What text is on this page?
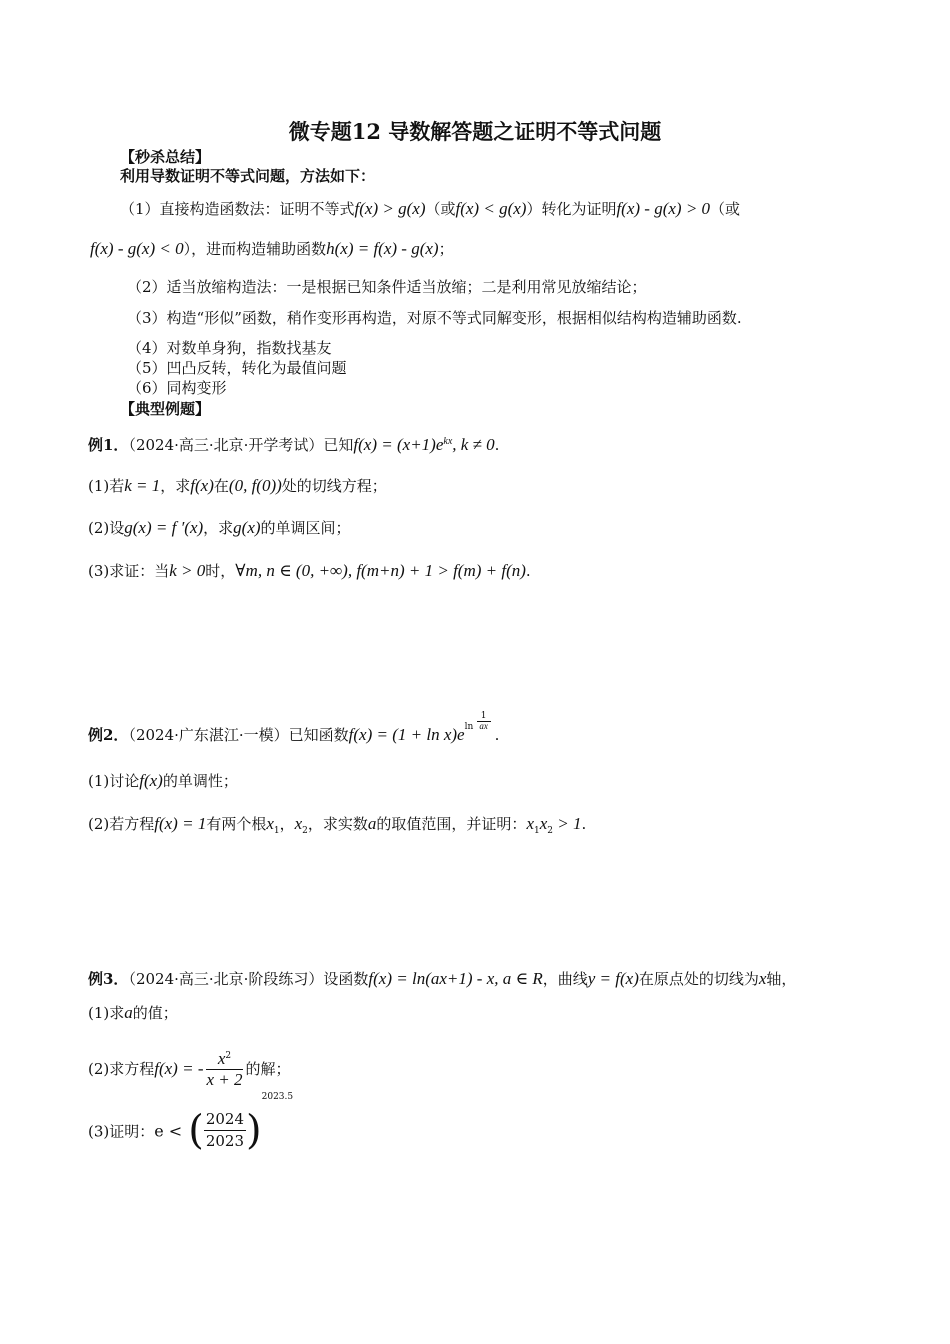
微专题12 导数解答题之证明不等式问题
【秒杀总结】
利用导数证明不等式问题，方法如下：
（1）直接构造函数法：证明不等式f(x) > g(x)（或f(x) < g(x)）转化为证明f(x) - g(x) > 0（或
f(x) - g(x) < 0），进而构造辅助函数h(x) = f(x) - g(x)；
（2）适当放缩构造法：一是根据已知条件适当放缩；二是利用常见放缩结论；
（3）构造“形似”函数，稍作变形再构造，对原不等式同解变形，根据相似结构构造辅助函数.
（4）对数单身狗，指数找基友
（5）凹凸反转，转化为最值问题
（6）同构变形
【典型例题】
例1．（2024·高三·北京·开学考试）已知$f(x) = (x+1)e^{kx}$, k ≠ 0.
(1)若k = 1，求f(x)在(0, f(0))处的切线方程；
(2)设g(x) = f ′(x)，求g(x)的单调区间；
(3)求证：当k > 0时，∀m, n ∈ (0, +∞), f(m+n) + 1 > f(m) + f(n).
例2．（2024·广东湛江·一模）已知函数f(x) = (1 + ln x)e $\ln \frac{1}{ax}$
.
(1)讨论f(x)的单调性；
(2)若方程f(x) = 1有两个根$x_1$，$x_2$，求实数a的取值范围，并证明：$x_1x_2 > 1$.
例3．（2024·高三·北京·阶段练习）设函数f(x) = ln(ax+1) - x, a ∈ R，曲线y = f(x)在原点处的切线为x轴，
(1)求a的值；
(2)求方程f(x) = - $\frac{x^2}{x + 2}$ 的解；
(3)证明：e < ( $\frac{2024}{2023} )^{2023.5}$
